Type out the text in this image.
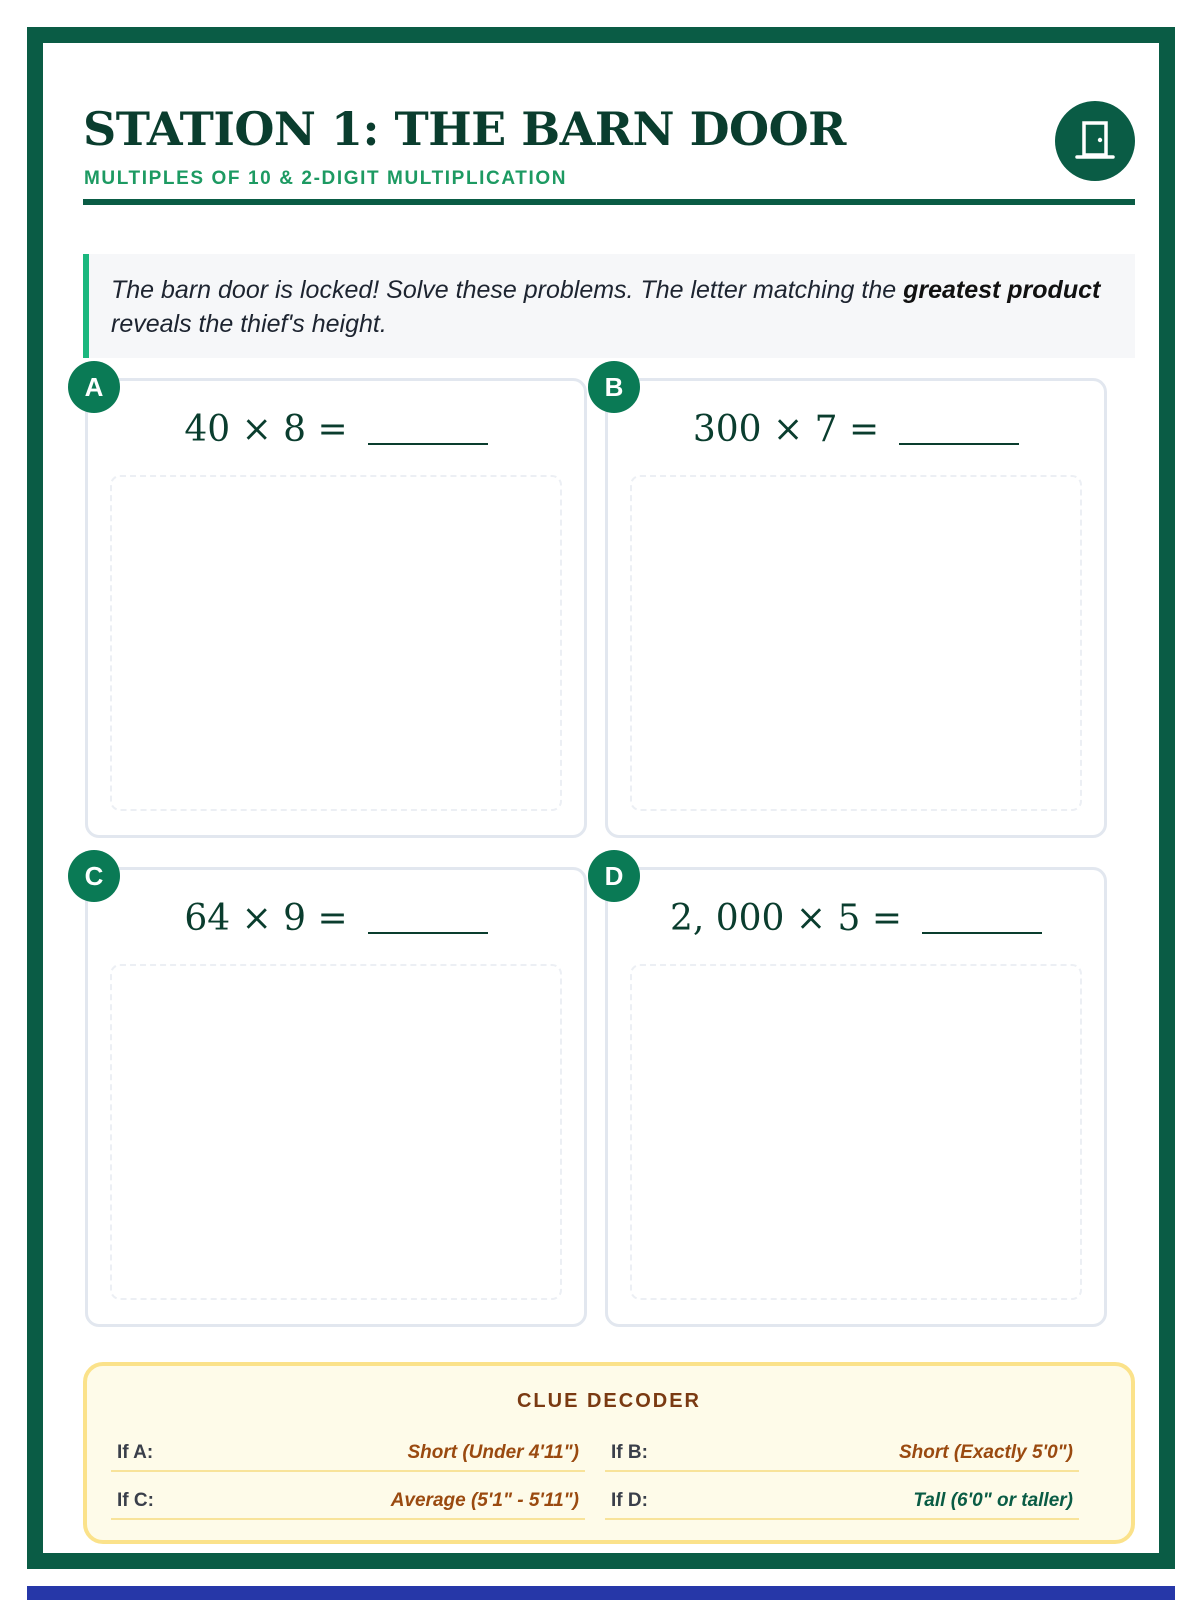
STATION 1: THE BARN DOOR
MULTIPLES OF 10 & 2-DIGIT MULTIPLICATION
The barn door is locked! Solve these problems. The letter matching the greatest product reveals the thief's height.
A
40 × 8 =
B
300 × 7 =
C
64 × 9 =
D
2, 000 × 5 =
CLUE DECODER
If A:	Short (Under 4'11") If B:	Short (Exactly 5'0")
If C:	Average (5'1" - 5'11") If D:	Tall (6'0" or taller)
